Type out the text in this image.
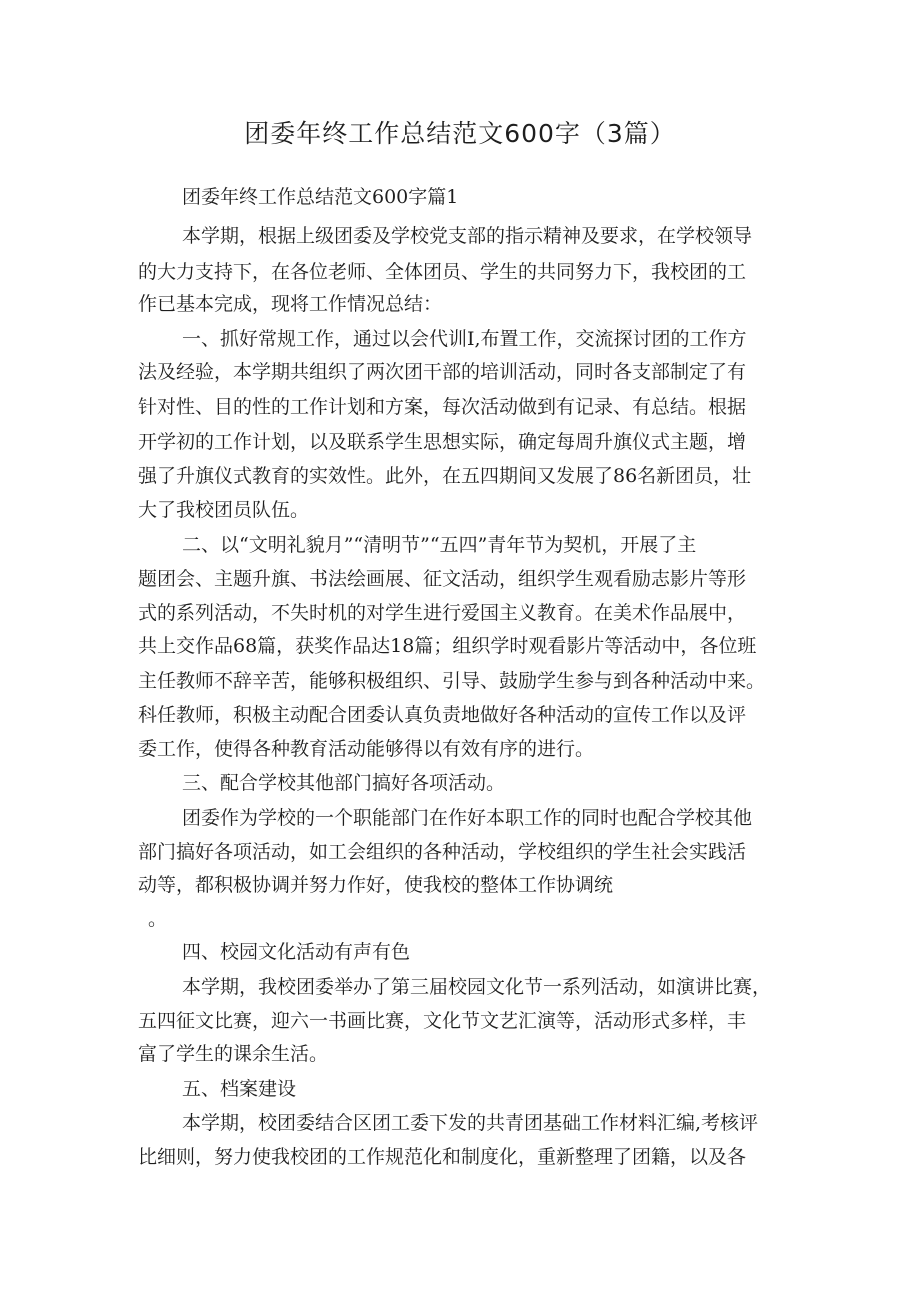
团委年终工作总结范文600字（3篇）
团委年终工作总结范文600字篇1
本学期，根据上级团委及学校党支部的指示精神及要求，在学校领导
的大力支持下，在各位老师、全体团员、学生的共同努力下，我校团的工
作已基本完成，现将工作情况总结：
一、抓好常规工作，通过以会代训I,布置工作，交流探讨团的工作方
法及经验，本学期共组织了两次团干部的培训活动，同时各支部制定了有
针对性、目的性的工作计划和方案，每次活动做到有记录、有总结。根据
开学初的工作计划，以及联系学生思想实际，确定每周升旗仪式主题，增
强了升旗仪式教育的实效性。此外，在五四期间又发展了86名新团员，壮
大了我校团员队伍。
二、以“文明礼貌月”“清明节”“五四”青年节为契机，开展了主
题团会、主题升旗、书法绘画展、征文活动，组织学生观看励志影片等形
式的系列活动，不失时机的对学生进行爱国主义教育。在美术作品展中，
共上交作品68篇，获奖作品达18篇；组织学时观看影片等活动中，各位班
主任教师不辞辛苦，能够积极组织、引导、鼓励学生参与到各种活动中来。
科任教师，积极主动配合团委认真负责地做好各种活动的宣传工作以及评
委工作，使得各种教育活动能够得以有效有序的进行。
三、配合学校其他部门搞好各项活动。
团委作为学校的一个职能部门在作好本职工作的同时也配合学校其他
部门搞好各项活动，如工会组织的各种活动，学校组织的学生社会实践活
动等，都积极协调并努力作好，使我校的整体工作协调统
。
四、校园文化活动有声有色
本学期，我校团委举办了第三届校园文化节一系列活动，如演讲比赛，
五四征文比赛，迎六一书画比赛，文化节文艺汇演等，活动形式多样，丰
富了学生的课余生活。
五、档案建设
本学期，校团委结合区团工委下发的共青团基础工作材料汇编,考核评
比细则，努力使我校团的工作规范化和制度化，重新整理了团籍，以及各
